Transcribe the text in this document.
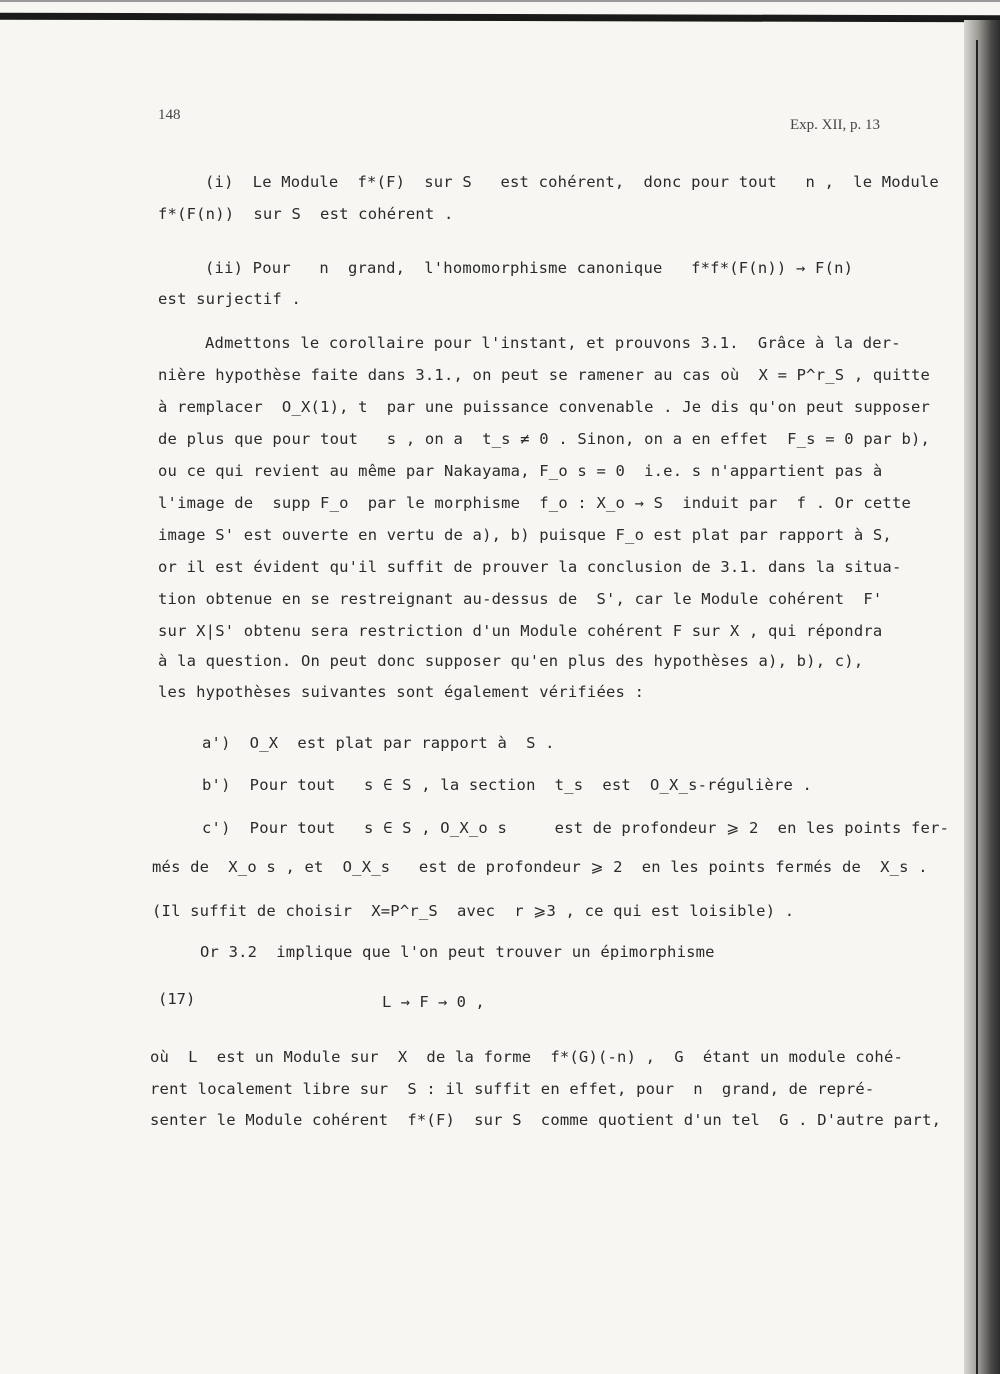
148
Exp. XII, p. 13
(i)  Le Module  f*(F)  sur S   est cohérent,  donc pour tout   n ,  le Module
f*(F(n))  sur S  est cohérent .
(ii) Pour   n  grand,  l'homomorphisme canonique   f*f*(F(n)) → F(n)
est surjectif .
Admettons le corollaire pour l'instant, et prouvons 3.1.  Grâce à la der-
nière hypothèse faite dans 3.1., on peut se ramener au cas où  X = P^r_S , quitte
à remplacer  O_X(1), t  par une puissance convenable . Je dis qu'on peut supposer
de plus que pour tout   s , on a  t_s ≠ 0 . Sinon, on a en effet  F_s = 0 par b),
ou ce qui revient au même par Nakayama, F_o s = 0  i.e. s n'appartient pas à
l'image de  supp F_o  par le morphisme  f_o : X_o → S  induit par  f . Or cette
image S' est ouverte en vertu de a), b) puisque F_o est plat par rapport à S,
or il est évident qu'il suffit de prouver la conclusion de 3.1. dans la situa-
tion obtenue en se restreignant au-dessus de  S', car le Module cohérent  F'
sur X|S' obtenu sera restriction d'un Module cohérent F sur X , qui répondra
à la question. On peut donc supposer qu'en plus des hypothèses a), b), c),
les hypothèses suivantes sont également vérifiées :
a')  O_X  est plat par rapport à  S .
b')  Pour tout   s ∈ S , la section  t_s  est  O_X_s-régulière .
c')  Pour tout   s ∈ S , O_X_o s     est de profondeur ⩾ 2  en les points fer-
més de  X_o s , et  O_X_s   est de profondeur ⩾ 2  en les points fermés de  X_s .
(Il suffit de choisir  X=P^r_S  avec  r ⩾3 , ce qui est loisible) .
Or 3.2  implique que l'on peut trouver un épimorphisme
(17)	L → F → 0 ,
où  L  est un Module sur  X  de la forme  f*(G)(-n) ,  G  étant un module cohé-
rent localement libre sur  S : il suffit en effet, pour  n  grand, de repré-
senter le Module cohérent  f*(F)  sur S  comme quotient d'un tel  G . D'autre part,
